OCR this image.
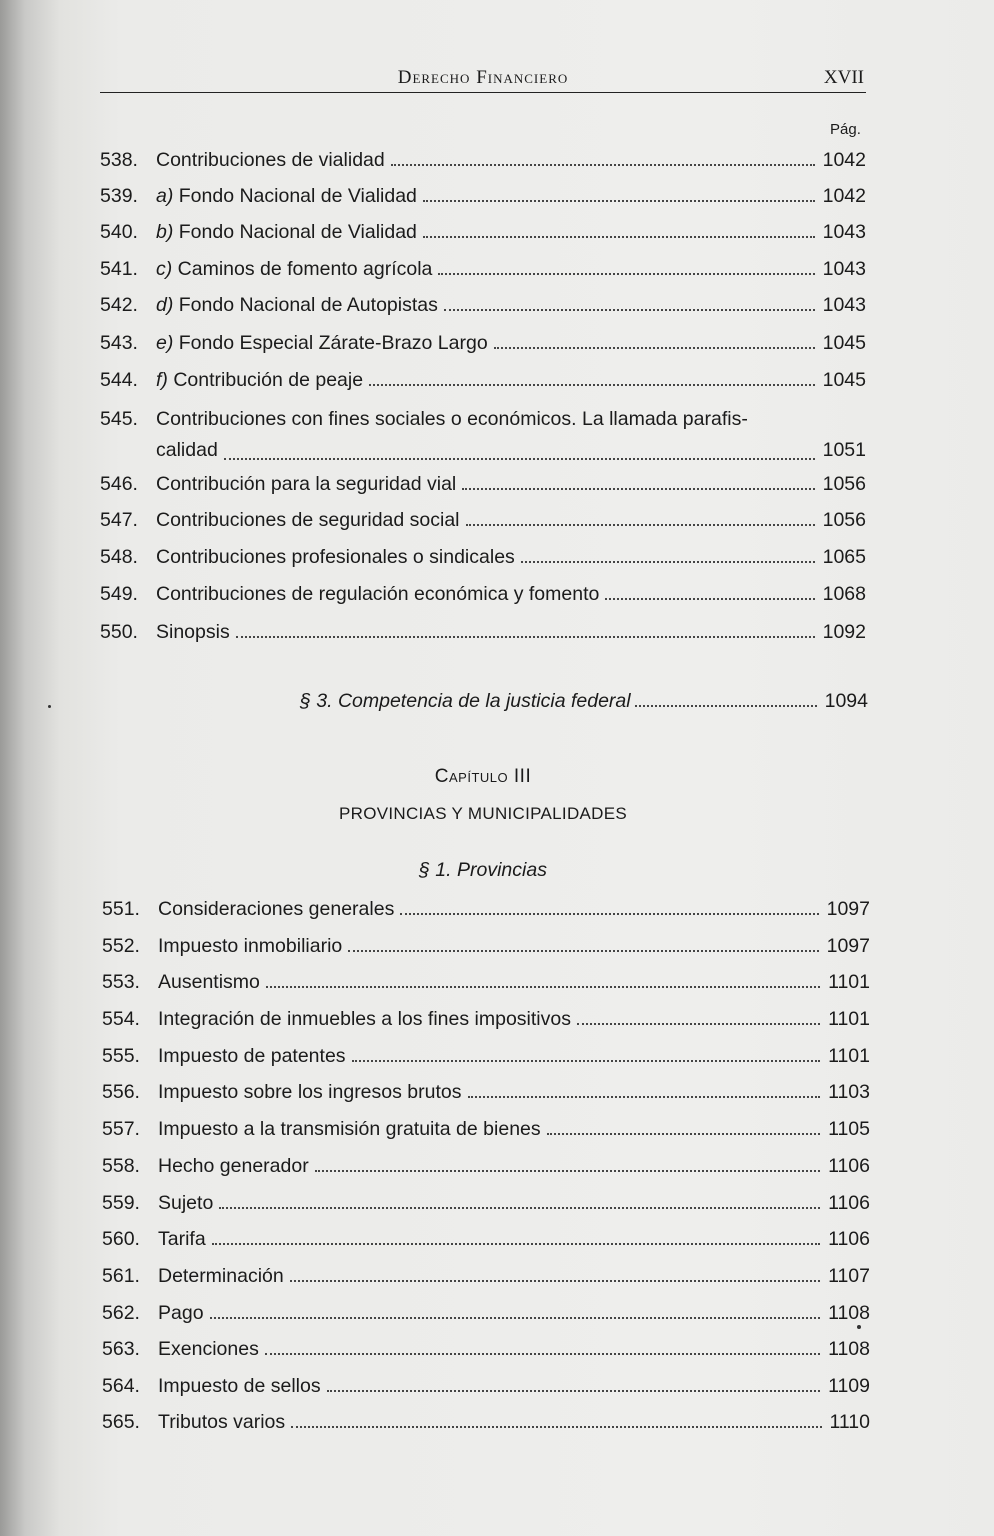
Derecho Financiero	XVII
Pág.
538. Contribuciones de vialidad	1042
539. a) Fondo Nacional de Vialidad	1042
540. b) Fondo Nacional de Vialidad	1043
541. c) Caminos de fomento agrícola	1043
542. d) Fondo Nacional de Autopistas	1043
543. e) Fondo Especial Zárate-Brazo Largo	1045
544. f) Contribución de peaje	1045
545. Contribuciones con fines sociales o económicos. La llamada parafis-
calidad	1051
546. Contribución para la seguridad vial	1056
547. Contribuciones de seguridad social	1056
548. Contribuciones profesionales o sindicales	1065
549. Contribuciones de regulación económica y fomento	1068
550. Sinopsis	1092
§ 3. Competencia de la justicia federal	1094
Capítulo III
PROVINCIAS Y MUNICIPALIDADES
§ 1. Provincias
551. Consideraciones generales	1097
552. Impuesto inmobiliario	1097
553. Ausentismo	1101
554. Integración de inmuebles a los fines impositivos	1101
555. Impuesto de patentes	1101
556. Impuesto sobre los ingresos brutos	1103
557. Impuesto a la transmisión gratuita de bienes	1105
558. Hecho generador	1106
559. Sujeto	1106
560. Tarifa	1106
561. Determinación	1107
562. Pago	1108
563. Exenciones	1108
564. Impuesto de sellos	1109
565. Tributos varios	1110
